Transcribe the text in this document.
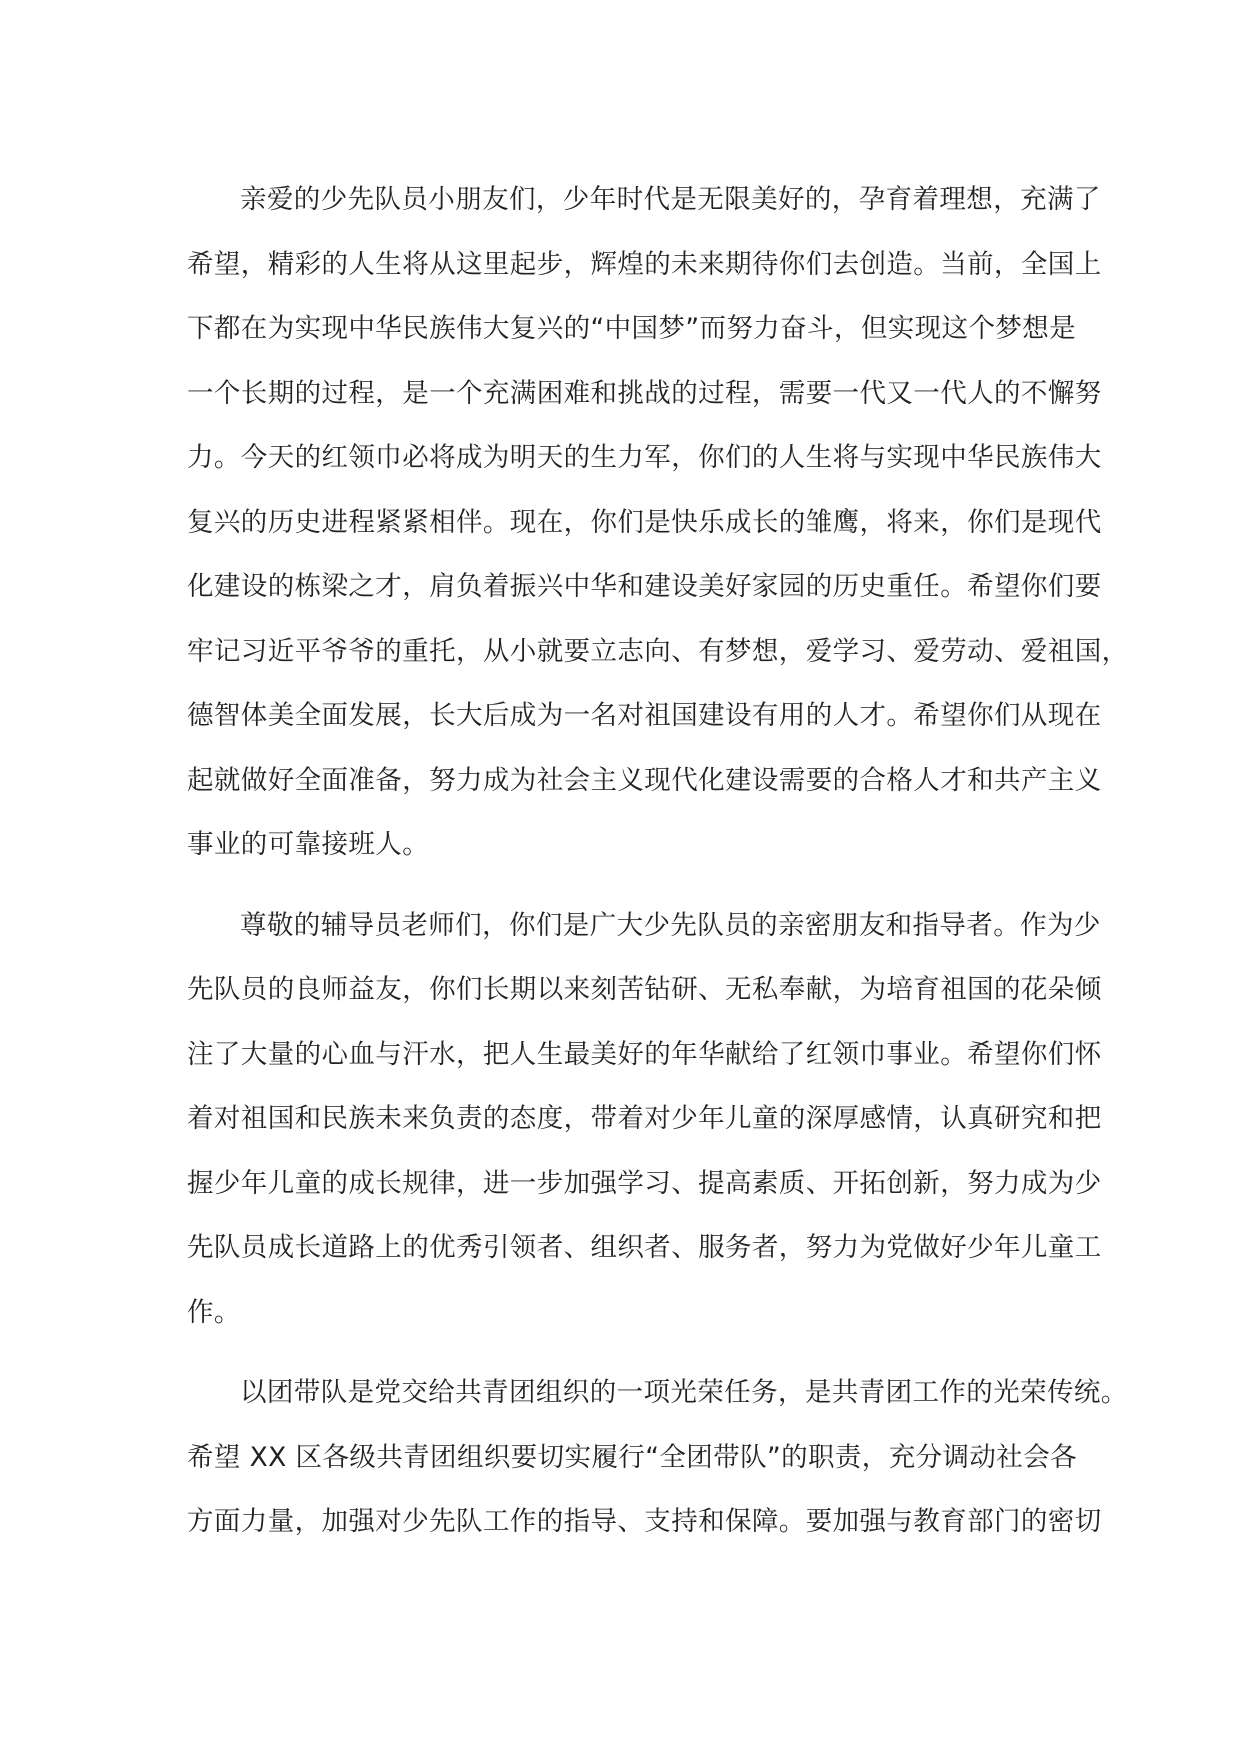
亲爱的少先队员小朋友们，少年时代是无限美好的，孕育着理想，充满了
希望，精彩的人生将从这里起步，辉煌的未来期待你们去创造。当前，全国上
下都在为实现中华民族伟大复兴的“中国梦”而努力奋斗，但实现这个梦想是
一个长期的过程，是一个充满困难和挑战的过程，需要一代又一代人的不懈努
力。今天的红领巾必将成为明天的生力军，你们的人生将与实现中华民族伟大
复兴的历史进程紧紧相伴。现在，你们是快乐成长的雏鹰，将来，你们是现代
化建设的栋梁之才，肩负着振兴中华和建设美好家园的历史重任。希望你们要
牢记习近平爷爷的重托，从小就要立志向、有梦想，爱学习、爱劳动、爱祖国，
德智体美全面发展，长大后成为一名对祖国建设有用的人才。希望你们从现在
起就做好全面准备，努力成为社会主义现代化建设需要的合格人才和共产主义
事业的可靠接班人。

尊敬的辅导员老师们，你们是广大少先队员的亲密朋友和指导者。作为少
先队员的良师益友，你们长期以来刻苦钻研、无私奉献，为培育祖国的花朵倾
注了大量的心血与汗水，把人生最美好的年华献给了红领巾事业。希望你们怀
着对祖国和民族未来负责的态度，带着对少年儿童的深厚感情，认真研究和把
握少年儿童的成长规律，进一步加强学习、提高素质、开拓创新，努力成为少
先队员成长道路上的优秀引领者、组织者、服务者，努力为党做好少年儿童工
作。

以团带队是党交给共青团组织的一项光荣任务，是共青团工作的光荣传统。
希望 XX 区各级共青团组织要切实履行“全团带队”的职责，充分调动社会各
方面力量，加强对少先队工作的指导、支持和保障。要加强与教育部门的密切
